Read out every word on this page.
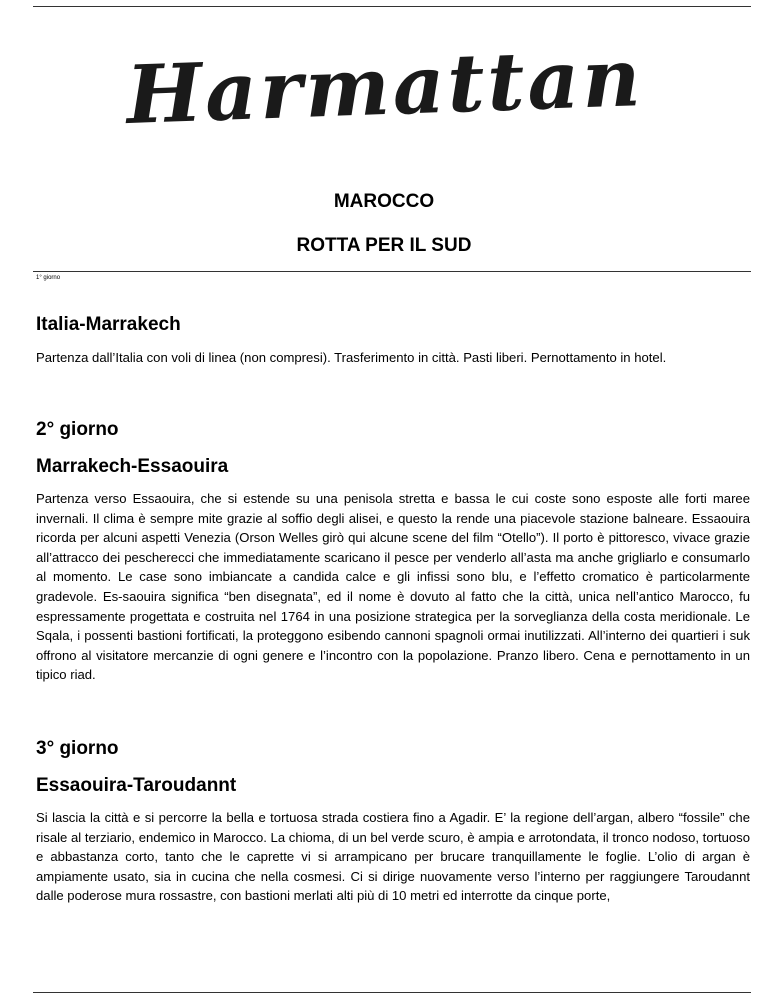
Harmattan
MAROCCO
ROTTA PER IL SUD
1° giorno
Italia-Marrakech

Partenza dall’Italia con voli di linea (non compresi). Trasferimento in città. Pasti liberi. Pernottamento in hotel.

2° giorno
Marrakech-Essaouira

Partenza verso Essaouira, che si estende su una penisola stretta e bassa le cui coste sono esposte alle forti maree invernali. Il clima è sempre mite grazie al soffio degli alisei, e questo la rende una piacevole stazione balneare. Essaouira ricorda per alcuni aspetti Venezia (Orson Welles girò qui alcune scene del film “Otello”). Il porto è pittoresco, vivace grazie all’attracco dei pescherecci che immediatamente scaricano il pesce per venderlo all’asta ma anche grigliarlo e consumarlo al momento. Le case sono imbiancate a candida calce e gli infissi sono blu, e l’effetto cromatico è particolarmente gradevole. Es-saouira significa “ben disegnata”, ed il nome è dovuto al fatto che la città, unica nell’antico Marocco, fu espressamente progettata e costruita nel 1764 in una posizione strategica per la sorveglianza della costa meridionale. Le Sqala, i possenti bastioni fortificati, la proteggono esibendo cannoni spagnoli ormai inutilizzati. All’interno dei quartieri i suk offrono al visitatore mercanzie di ogni genere e l’incontro con la popolazione. Pranzo libero. Cena e pernottamento in un tipico riad.

3° giorno
Essaouira-Taroudannt

Si lascia la città e si percorre la bella e tortuosa strada costiera fino a Agadir. E’ la regione dell’argan, albero “fossile” che risale al terziario, endemico in Marocco. La chioma, di un bel verde scuro, è ampia e arrotondata, il tronco nodoso, tortuoso e abbastanza corto, tanto che le caprette vi si arrampicano per brucare tranquillamente le foglie. L’olio di argan è ampiamente usato, sia in cucina che nella cosmesi. Ci si dirige nuovamente verso l’interno per raggiungere Taroudannt dalle poderose mura rossastre, con bastioni merlati alti più di 10 metri ed interrotte da cinque porte,
